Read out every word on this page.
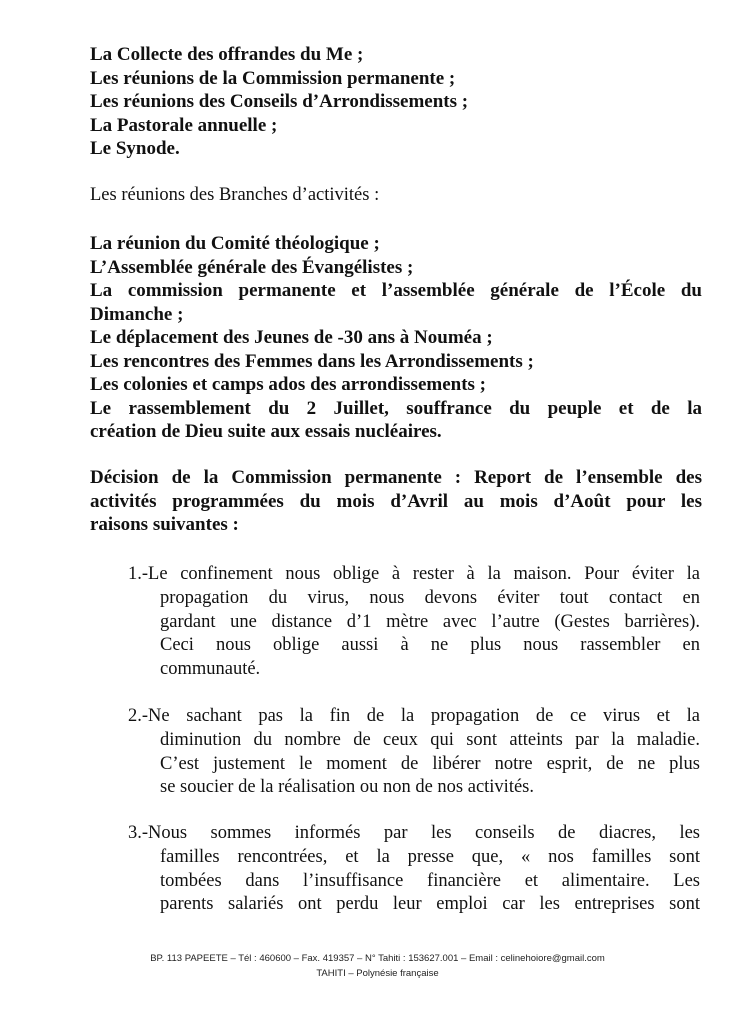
La Collecte des offrandes du Me ;
Les réunions de la Commission permanente ;
Les réunions des Conseils d’Arrondissements ;
La Pastorale annuelle ;
Le Synode.
Les réunions des Branches d’activités :
La réunion du Comité théologique ;
L’Assemblée générale des Évangélistes ;
La commission permanente et l’assemblée générale de l’École du
Dimanche ;
Le déplacement des Jeunes de -30 ans à Nouméa ;
Les rencontres des Femmes dans les Arrondissements ;
Les colonies et camps ados des arrondissements ;
Le rassemblement du 2 Juillet, souffrance du peuple et de la
création de Dieu suite aux essais nucléaires.
Décision de la Commission permanente : Report de l’ensemble des
activités programmées du mois d’Avril au mois d’Août pour les
raisons suivantes :
1.-Le confinement nous oblige à rester à la maison. Pour éviter la
propagation du virus, nous devons éviter tout contact en
gardant une distance d’1 mètre avec l’autre (Gestes barrières).
Ceci nous oblige aussi à ne plus nous rassembler en
communauté.
2.-Ne sachant pas la fin de la propagation de ce virus et la
diminution du nombre de ceux qui sont atteints par la maladie.
C’est justement le moment de libérer notre esprit, de ne plus
se soucier de la réalisation ou non de nos activités.
3.-Nous sommes informés par les conseils de diacres, les
familles rencontrées, et la presse que, « nos familles sont
tombées dans l’insuffisance financière et alimentaire. Les
parents salariés ont perdu leur emploi car les entreprises sont
BP. 113 PAPEETE – Tél : 460600 – Fax. 419357 – N° Tahiti : 153627.001 – Email : celinehoiore@gmail.com
TAHITI – Polynésie française
